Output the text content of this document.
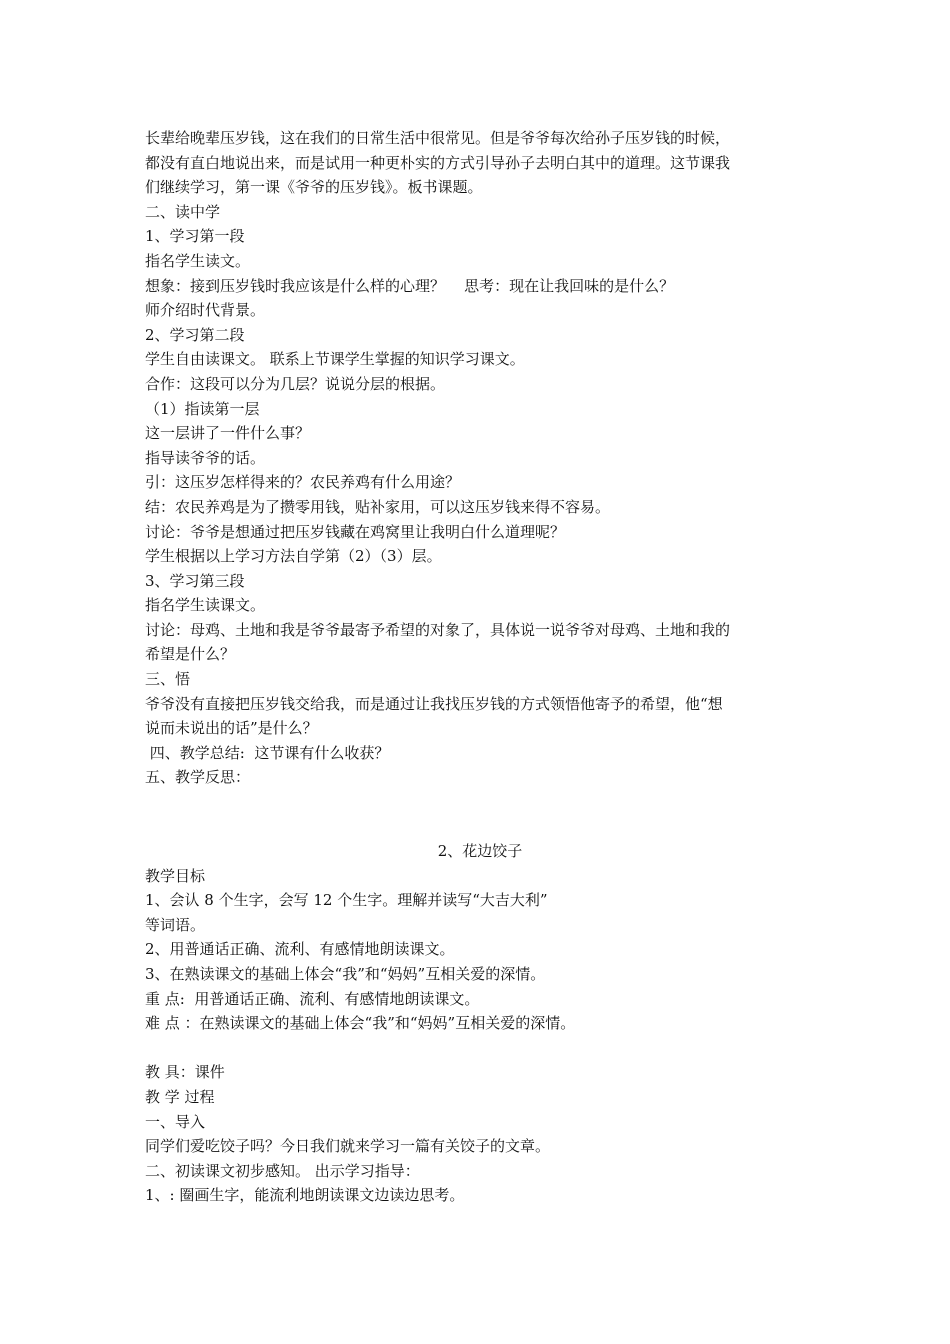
长辈给晚辈压岁钱，这在我们的日常生活中很常见。但是爷爷每次给孙子压岁钱的时候，
都没有直白地说出来，而是试用一种更朴实的方式引导孙子去明白其中的道理。这节课我
们继续学习，第一课《爷爷的压岁钱》。板书课题。
二、读中学
1、学习第一段
指名学生读文。
想象：接到压岁钱时我应该是什么样的心理？    思考：现在让我回味的是什么？
师介绍时代背景。
2、学习第二段
学生自由读课文。 联系上节课学生掌握的知识学习课文。
合作：这段可以分为几层？说说分层的根据。
（1）指读第一层
这一层讲了一件什么事？
指导读爷爷的话。
引：这压岁怎样得来的？农民养鸡有什么用途？
结：农民养鸡是为了攒零用钱，贴补家用，可以这压岁钱来得不容易。
讨论：爷爷是想通过把压岁钱藏在鸡窝里让我明白什么道理呢？
学生根据以上学习方法自学第（2）（3）层。
3、学习第三段
指名学生读课文。
讨论：母鸡、土地和我是爷爷最寄予希望的对象了，具体说一说爷爷对母鸡、土地和我的
希望是什么？
三、悟
爷爷没有直接把压岁钱交给我，而是通过让我找压岁钱的方式领悟他寄予的希望，他“想
说而未说出的话”是什么？
四、教学总结:  这节课有什么收获？
五、教学反思：
2、花边饺子
教学目标
1、会认 8 个生字，会写 12 个生字。理解并读写“大吉大利”
等词语。
2、用普通话正确、流利、有感情地朗读课文。
3、在熟读课文的基础上体会“我”和“妈妈”互相关爱的深情。
重 点:  用普通话正确、流利、有感情地朗读课文。
难 点 ：在熟读课文的基础上体会“我”和“妈妈”互相关爱的深情。
教 具：课件
教 学 过程
一、导入
同学们爱吃饺子吗？今日我们就来学习一篇有关饺子的文章。
二、初读课文初步感知。 出示学习指导：
1、: 圈画生字，能流利地朗读课文边读边思考。
